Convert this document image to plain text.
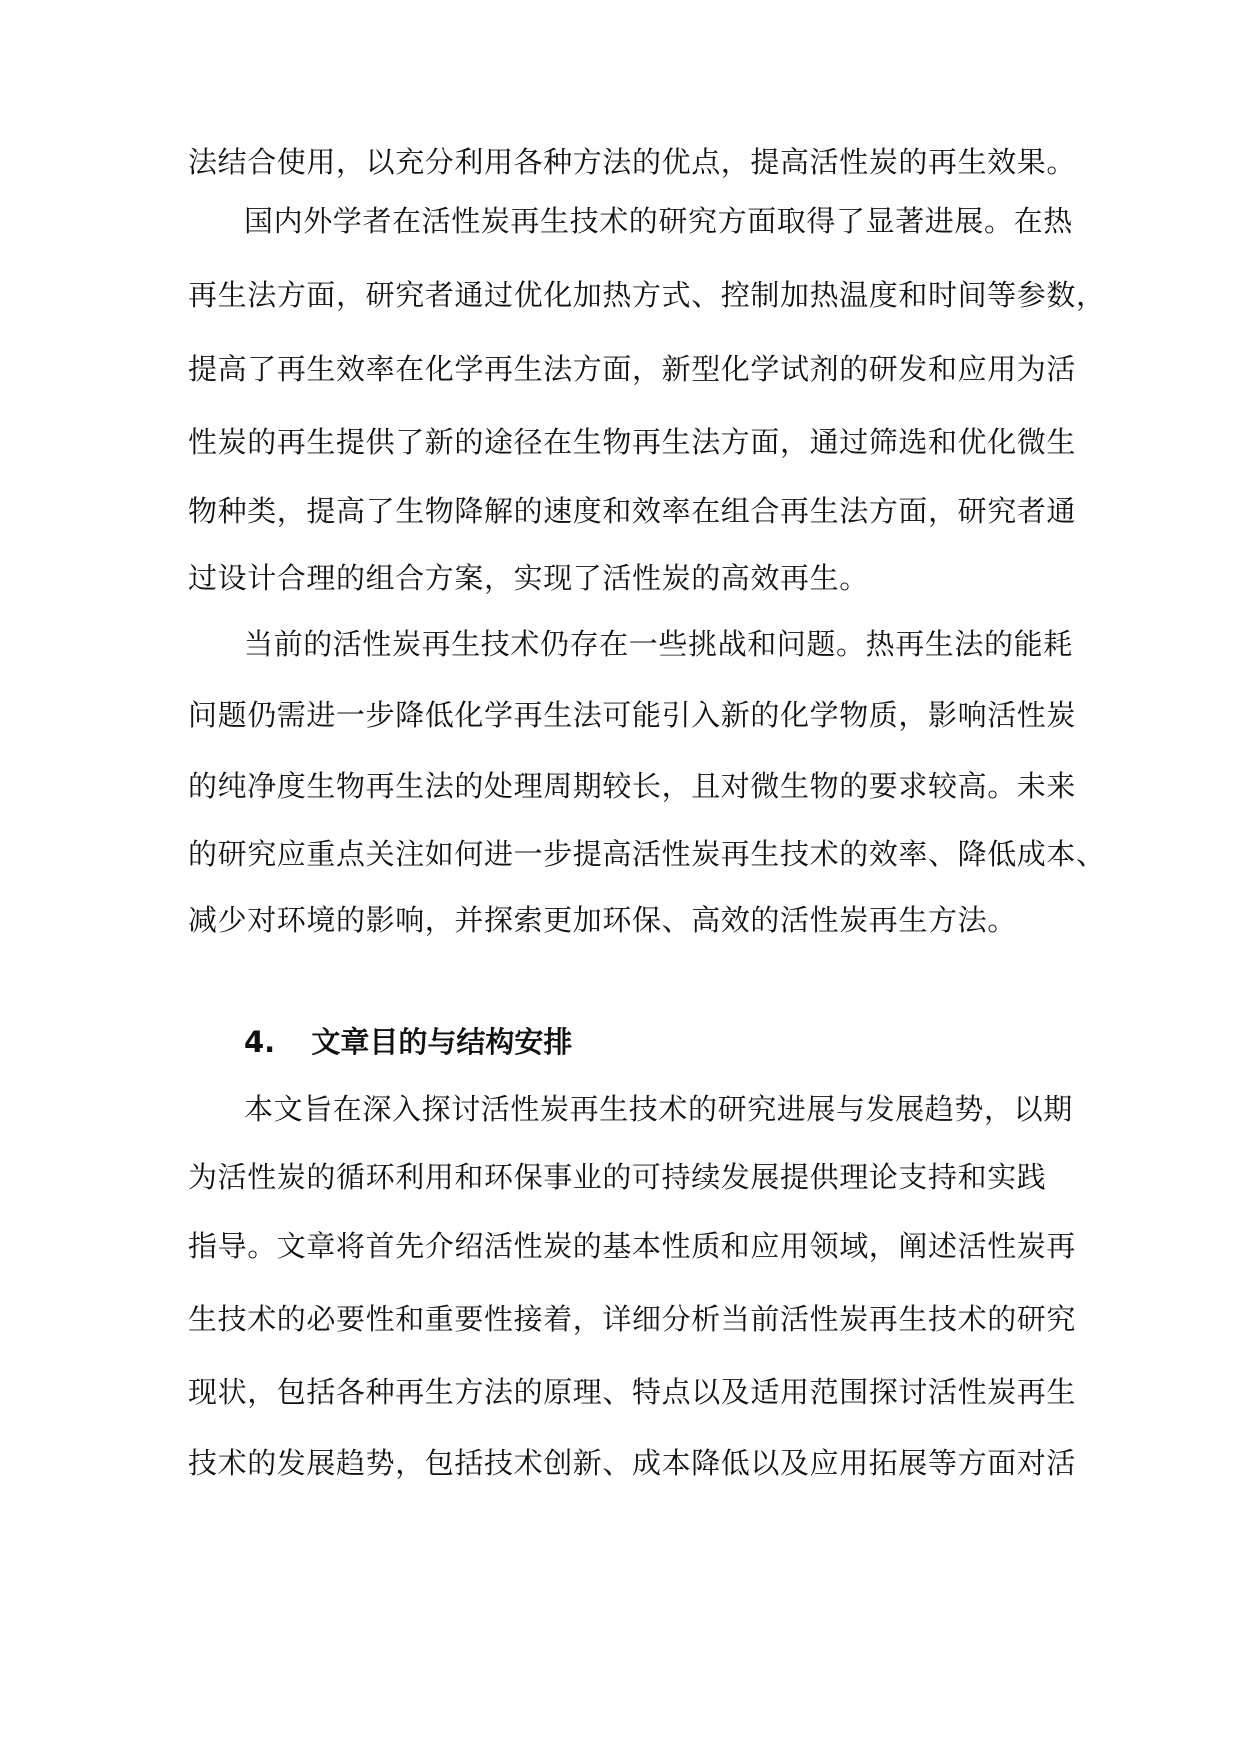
法结合使用，以充分利用各种方法的优点，提高活性炭的再生效果。
国内外学者在活性炭再生技术的研究方面取得了显著进展。在热
再生法方面，研究者通过优化加热方式、控制加热温度和时间等参数，
提高了再生效率在化学再生法方面，新型化学试剂的研发和应用为活
性炭的再生提供了新的途径在生物再生法方面，通过筛选和优化微生
物种类，提高了生物降解的速度和效率在组合再生法方面，研究者通
过设计合理的组合方案，实现了活性炭的高效再生。
当前的活性炭再生技术仍存在一些挑战和问题。热再生法的能耗
问题仍需进一步降低化学再生法可能引入新的化学物质，影响活性炭
的纯净度生物再生法的处理周期较长，且对微生物的要求较高。未来
的研究应重点关注如何进一步提高活性炭再生技术的效率、降低成本、
减少对环境的影响，并探索更加环保、高效的活性炭再生方法。
4. 文章目的与结构安排
本文旨在深入探讨活性炭再生技术的研究进展与发展趋势，以期
为活性炭的循环利用和环保事业的可持续发展提供理论支持和实践
指导。文章将首先介绍活性炭的基本性质和应用领域，阐述活性炭再
生技术的必要性和重要性接着，详细分析当前活性炭再生技术的研究
现状，包括各种再生方法的原理、特点以及适用范围探讨活性炭再生
技术的发展趋势，包括技术创新、成本降低以及应用拓展等方面对活
